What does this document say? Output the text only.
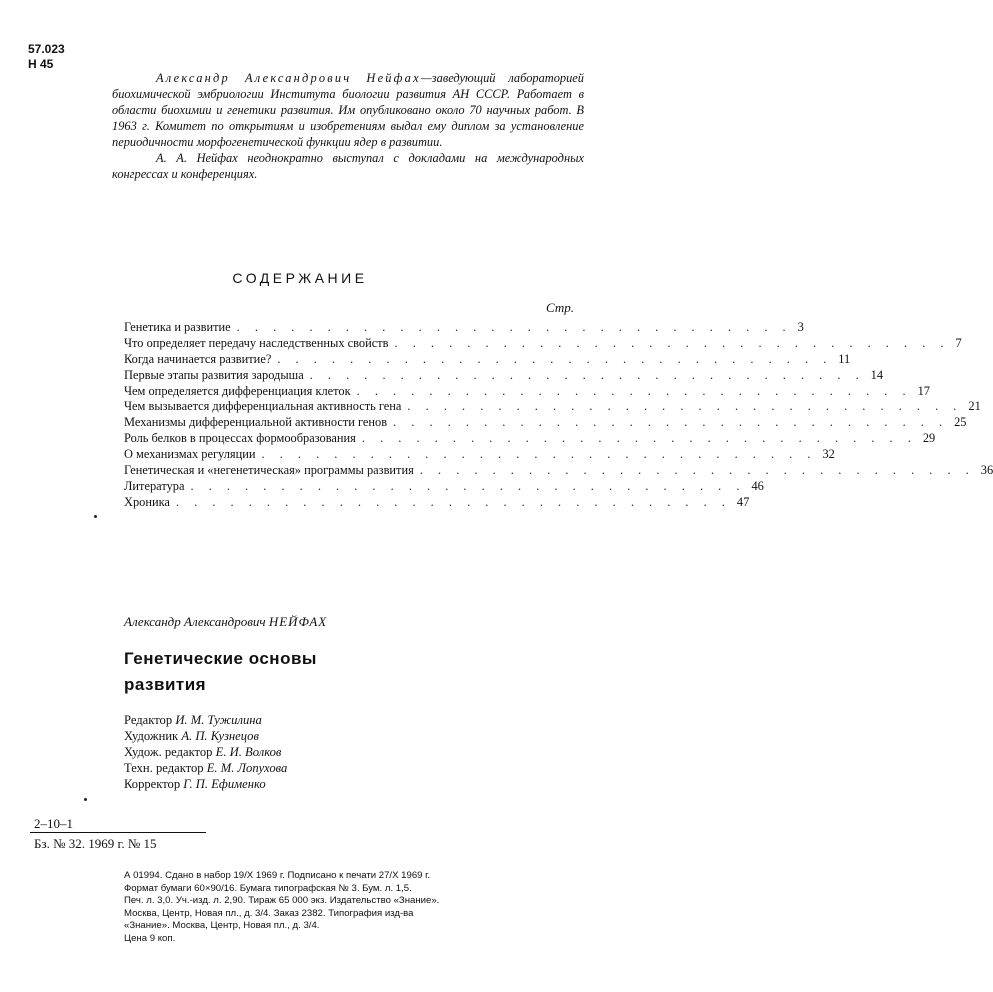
57.023
Н 45

Александр Александрович Нейфах—заведующий лабораторией биохимической эмбриологии Института биологии развития АН СССР. Работает в области биохимии и генетики развития. Им опубликовано около 70 научных работ. В 1963 г. Комитет по открытиям и изобретениям выдал ему диплом за установление периодичности морфогенетической функции ядер в развитии.

А. А. Нейфах неоднократно выступал с докладами на международных конгрессах и конференциях.

СОДЕРЖАНИЕ
Стр.
Генетика и развитие . . . . . . . . . . . . . . . . . . . . . . . . . . . . . . . 3
Что определяет передачу наследственных свойств . . . . . . . . . . . . . . . . . . . . . . . . . . . . . . . 7
Когда начинается развитие? . . . . . . . . . . . . . . . . . . . . . . . . . . . . . . . 11
Первые этапы развития зародыша . . . . . . . . . . . . . . . . . . . . . . . . . . . . . . . 14
Чем определяется дифференциация клеток . . . . . . . . . . . . . . . . . . . . . . . . . . . . . . . 17
Чем вызывается дифференциальная активность гена . . . . . . . . . . . . . . . . . . . . . . . . . . . . . . . 21
Механизмы дифференциальной активности генов . . . . . . . . . . . . . . . . . . . . . . . . . . . . . . . 25
Роль белков в процессах формообразования . . . . . . . . . . . . . . . . . . . . . . . . . . . . . . . 29
О механизмах регуляции . . . . . . . . . . . . . . . . . . . . . . . . . . . . . . . 32
Генетическая и «негенетическая» программы развития . . . . . . . . . . . . . . . . . . . . . . . . . . . . . . . 36
Литература . . . . . . . . . . . . . . . . . . . . . . . . . . . . . . . 46
Хроника . . . . . . . . . . . . . . . . . . . . . . . . . . . . . . . 47
Александр Александрович НЕЙФАХ
Генетические основы
развития
Редактор И. М. Тужилина
Художник А. П. Кузнецов
Худож. редактор Е. И. Волков
Техн. редактор Е. М. Лопухова
Корректор Г. П. Ефименко
2–10–1
Бз. № 32. 1969 г. № 15
А 01994. Сдано в набор 19/X 1969 г. Подписано к печати 27/X 1969 г.
Формат бумаги 60×90/16. Бумага типографская № 3. Бум. л. 1,5.
Печ. л. 3,0. Уч.-изд. л. 2,90. Тираж 65 000 экз. Издательство «Знание».
Москва, Центр, Новая пл., д. 3/4. Заказ 2382. Типография изд-ва
«Знание». Москва, Центр, Новая пл., д. 3/4.
Цена 9 коп.
